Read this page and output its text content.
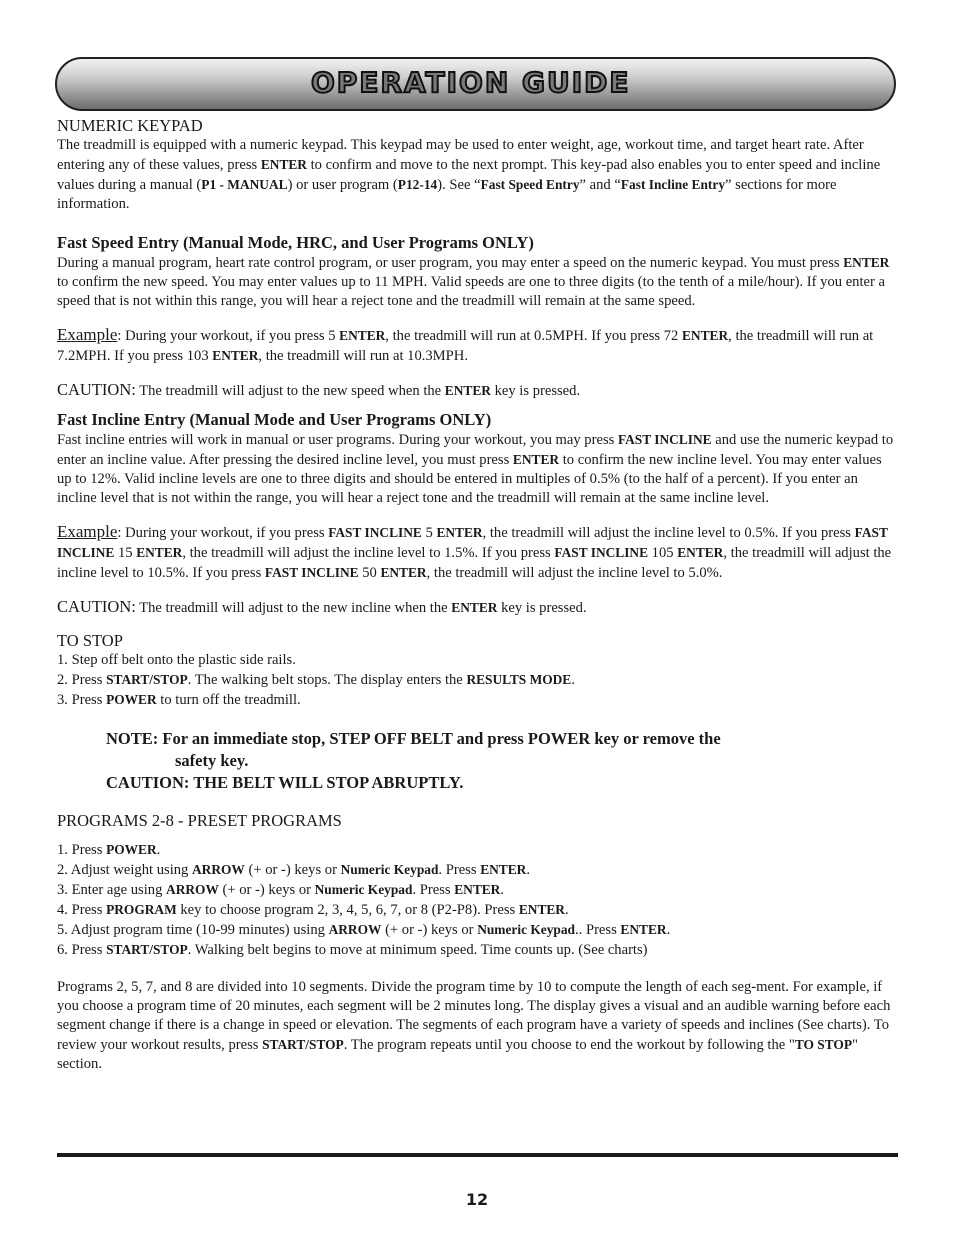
OPERATION GUIDE

NUMERIC KEYPAD

The treadmill is equipped with a numeric keypad. This keypad may be used to enter weight, age, workout time, and target heart rate. After entering any of these values, press ENTER to confirm and move to the next prompt. This key-pad also enables you to enter speed and incline values during a manual (P1 - MANUAL) or user program (P12-14). See “Fast Speed Entry” and “Fast Incline Entry” sections for more information.

Fast Speed Entry (Manual Mode, HRC, and User Programs ONLY)

During a manual program, heart rate control program, or user program, you may enter a speed on the numeric keypad. You must press ENTER to confirm the new speed. You may enter values up to 11 MPH. Valid speeds are one to three digits (to the tenth of a mile/hour). If you enter a speed that is not within this range, you will hear a reject tone and the treadmill will remain at the same speed.

Example: During your workout, if you press 5 ENTER, the treadmill will run at 0.5MPH. If you press 72 ENTER, the treadmill will run at 7.2MPH. If you press 103 ENTER, the treadmill will run at 10.3MPH.

CAUTION: The treadmill will adjust to the new speed when the ENTER key is pressed.

Fast Incline Entry (Manual Mode and User Programs ONLY)

Fast incline entries will work in manual or user programs. During your workout, you may press FAST INCLINE and use the numeric keypad to enter an incline value. After pressing the desired incline level, you must press ENTER to confirm the new incline level. You may enter values up to 12%. Valid incline levels are one to three digits and should be entered in multiples of 0.5% (to the half of a percent). If you enter an incline level that is not within the range, you will hear a reject tone and the treadmill will remain at the same incline level.

Example: During your workout, if you press FAST INCLINE 5 ENTER, the treadmill will adjust the incline level to 0.5%. If you press FAST INCLINE 15 ENTER, the treadmill will adjust the incline level to 1.5%. If you press FAST INCLINE 105 ENTER, the treadmill will adjust the incline level to 10.5%. If you press FAST INCLINE 50 ENTER, the treadmill will adjust the incline level to 5.0%.

CAUTION: The treadmill will adjust to the new incline when the ENTER key is pressed.

TO STOP

1. Step off belt onto the plastic side rails.
2. Press START/STOP. The walking belt stops. The display enters the RESULTS MODE.
3. Press POWER to turn off the treadmill.

NOTE: For an immediate stop, STEP OFF BELT and press POWER key or remove the

safety key.

CAUTION: THE BELT WILL STOP ABRUPTLY.

PROGRAMS 2-8 - PRESET PROGRAMS

1. Press POWER.
2. Adjust weight using ARROW (+ or -) keys or Numeric Keypad. Press ENTER.
3. Enter age using ARROW (+ or -) keys or Numeric Keypad. Press ENTER.
4. Press PROGRAM key to choose program 2, 3, 4, 5, 6, 7, or 8 (P2-P8). Press ENTER.
5. Adjust program time (10-99 minutes) using ARROW (+ or -) keys or Numeric Keypad.. Press ENTER.
6. Press START/STOP. Walking belt begins to move at minimum speed. Time counts up. (See charts)

Programs 2, 5, 7, and 8 are divided into 10 segments. Divide the program time by 10 to compute the length of each seg-ment. For example, if you choose a program time of 20 minutes, each segment will be 2 minutes long. The display gives a visual and an audible warning before each segment change if there is a change in speed or elevation. The segments of each program have a variety of speeds and inclines (See charts). To review your workout results, press START/STOP. The program repeats until you choose to end the workout by following the "TO STOP" section.

12
